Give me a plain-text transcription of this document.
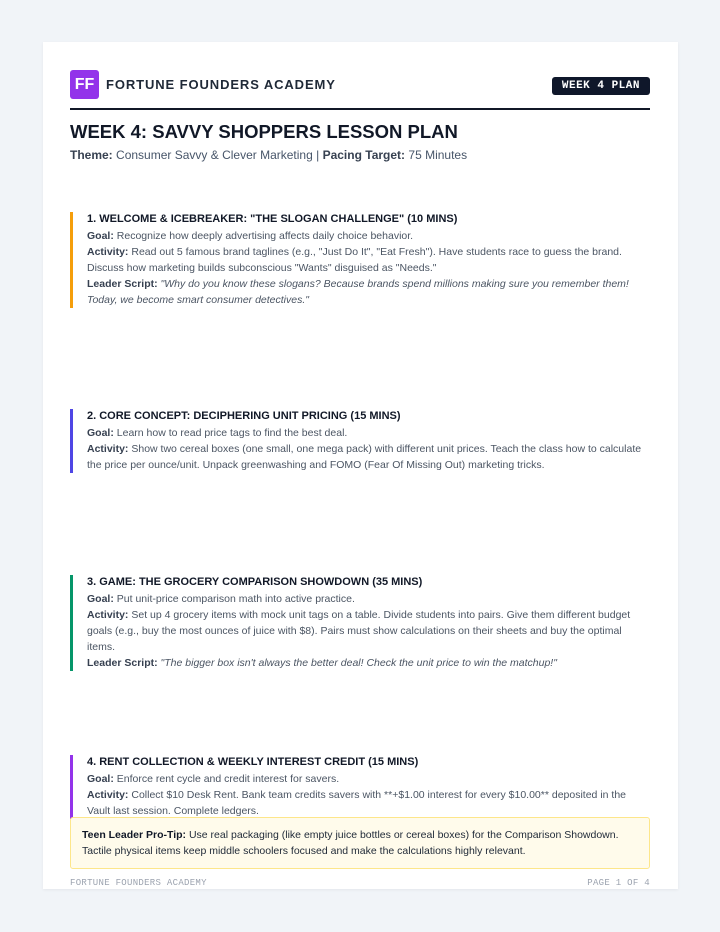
FF FORTUNE FOUNDERS ACADEMY	WEEK 4 PLAN
WEEK 4: SAVVY SHOPPERS LESSON PLAN
Theme: Consumer Savvy & Clever Marketing | Pacing Target: 75 Minutes
1. WELCOME & ICEBREAKER: "THE SLOGAN CHALLENGE" (10 MINS)

Goal: Recognize how deeply advertising affects daily choice behavior.

Activity: Read out 5 famous brand taglines (e.g., "Just Do It", "Eat Fresh"). Have students race to guess the brand. Discuss how marketing builds subconscious "Wants" disguised as "Needs."

Leader Script: "Why do you know these slogans? Because brands spend millions making sure you remember them! Today, we become smart consumer detectives."

2. CORE CONCEPT: DECIPHERING UNIT PRICING (15 MINS)

Goal: Learn how to read price tags to find the best deal.

Activity: Show two cereal boxes (one small, one mega pack) with different unit prices. Teach the class how to calculate the price per ounce/unit. Unpack greenwashing and FOMO (Fear Of Missing Out) marketing tricks.

3. GAME: THE GROCERY COMPARISON SHOWDOWN (35 MINS)

Goal: Put unit-price comparison math into active practice.

Activity: Set up 4 grocery items with mock unit tags on a table. Divide students into pairs. Give them different budget goals (e.g., buy the most ounces of juice with $8). Pairs must show calculations on their sheets and buy the optimal items.

Leader Script: "The bigger box isn't always the better deal! Check the unit price to win the matchup!"

4. RENT COLLECTION & WEEKLY INTEREST CREDIT (15 MINS)

Goal: Enforce rent cycle and credit interest for savers.

Activity: Collect $10 Desk Rent. Bank team credits savers with **+$1.00 interest for every $10.00** deposited in the Vault last session. Complete ledgers.

Teen Leader Pro-Tip: Use real packaging (like empty juice bottles or cereal boxes) for the Comparison Showdown. Tactile physical items keep middle schoolers focused and make the calculations highly relevant.
FORTUNE FOUNDERS ACADEMY	PAGE 1 OF 4
